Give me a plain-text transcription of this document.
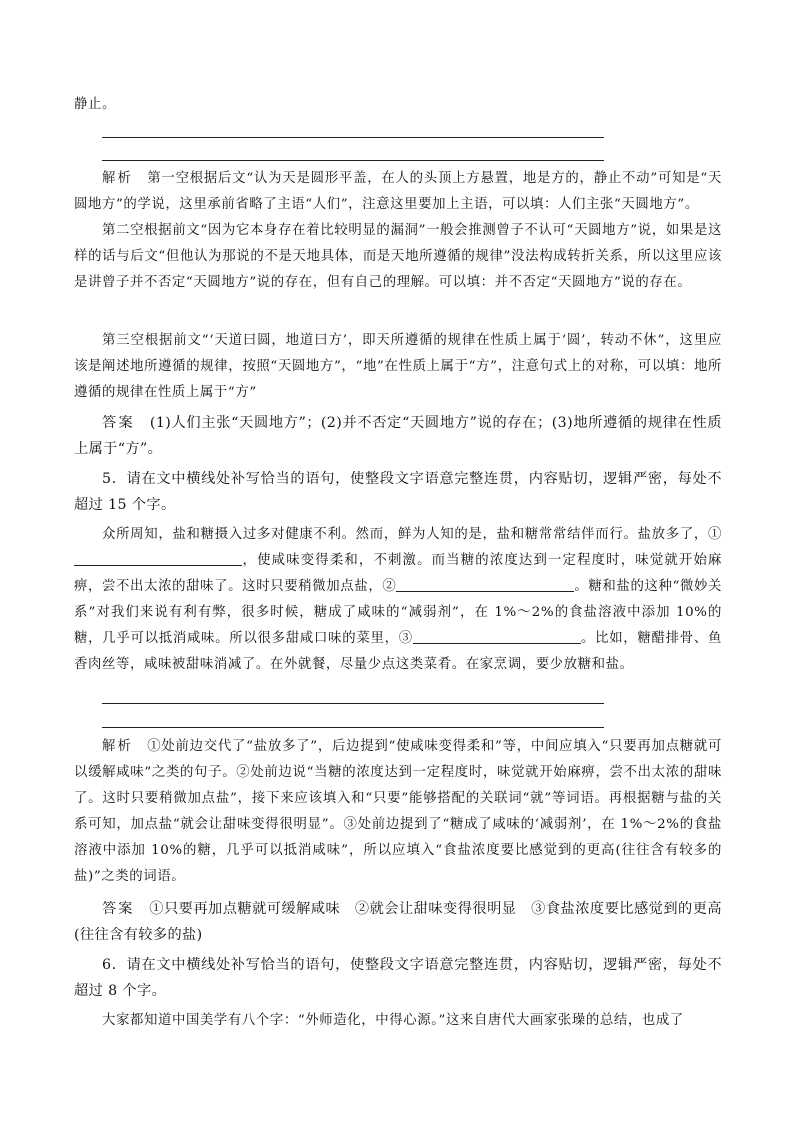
静止。

解析　 第一空根据后文“认为天是圆形平盖，在人的头顶上方悬置，地是方的，静止不动”可知是“天圆地方”的学说，这里承前省略了主语“人们”，注意这里要加上主语，可以填：人们主张“天圆地方”。

第二空根据前文“因为它本身存在着比较明显的漏洞”一般会推测曾子不认可“天圆地方”说，如果是这样的话与后文“但他认为那说的不是天地具体，而是天地所遵循的规律”没法构成转折关系，所以这里应该是讲曾子并不否定“天圆地方”说的存在，但有自己的理解。可以填：并不否定“天圆地方”说的存在。

第三空根据前文“‘天道曰圆，地道曰方’，即天所遵循的规律在性质上属于‘圆’，转动不休”，这里应该是阐述地所遵循的规律，按照“天圆地方”，“地”在性质上属于“方”，注意句式上的对称，可以填：地所遵循的规律在性质上属于“方”

答案　 (1)人们主张“天圆地方”；(2)并不否定“天圆地方”说的存在；(3)地所遵循的规律在性质上属于“方”。

5．请在文中横线处补写恰当的语句，使整段文字语意完整连贯，内容贴切，逻辑严密，每处不超过 15 个字。

众所周知，盐和糖摄入过多对健康不利。然而，鲜为人知的是，盐和糖常常结伴而行。盐放多了，①，使咸味变得柔和，不刺激。而当糖的浓度达到一定程度时，味觉就开始麻痹，尝不出太浓的甜味了。这时只要稍微加点盐，②	。糖和盐的这种“微妙关系”对我们来说有利有弊，很多时候，糖成了咸味的“减弱剂”，在 1%～2%的食盐溶液中添加 10%的糖，几乎可以抵消咸味。所以很多甜咸口味的菜里，③	。比如，糖醋排骨、鱼香肉丝等，咸味被甜味消减了。在外就餐，尽量少点这类菜肴。在家烹调，要少放糖和盐。

解析　 ①处前边交代了“盐放多了”，后边提到“使咸味变得柔和”等，中间应填入“只要再加点糖就可以缓解咸味”之类的句子。②处前边说“当糖的浓度达到一定程度时，味觉就开始麻痹，尝不出太浓的甜味了。这时只要稍微加点盐”，接下来应该填入和“只要”能够搭配的关联词“就”等词语。再根据糖与盐的关系可知，加点盐“就会让甜味变得很明显”。③处前边提到了“糖成了咸味的‘减弱剂’，在 1%～2%的食盐溶液中添加 10%的糖，几乎可以抵消咸味”，所以应填入“食盐浓度要比感觉到的更高(往往含有较多的盐)”之类的词语。

答案　 ①只要再加点糖就可缓解咸味　②就会让甜味变得很明显　③食盐浓度要比感觉到的更高(往往含有较多的盐)

6．请在文中横线处补写恰当的语句，使整段文字语意完整连贯，内容贴切，逻辑严密，每处不超过 8 个字。

大家都知道中国美学有八个字：“外师造化，中得心源。”这来自唐代大画家张璪的总结，也成了
